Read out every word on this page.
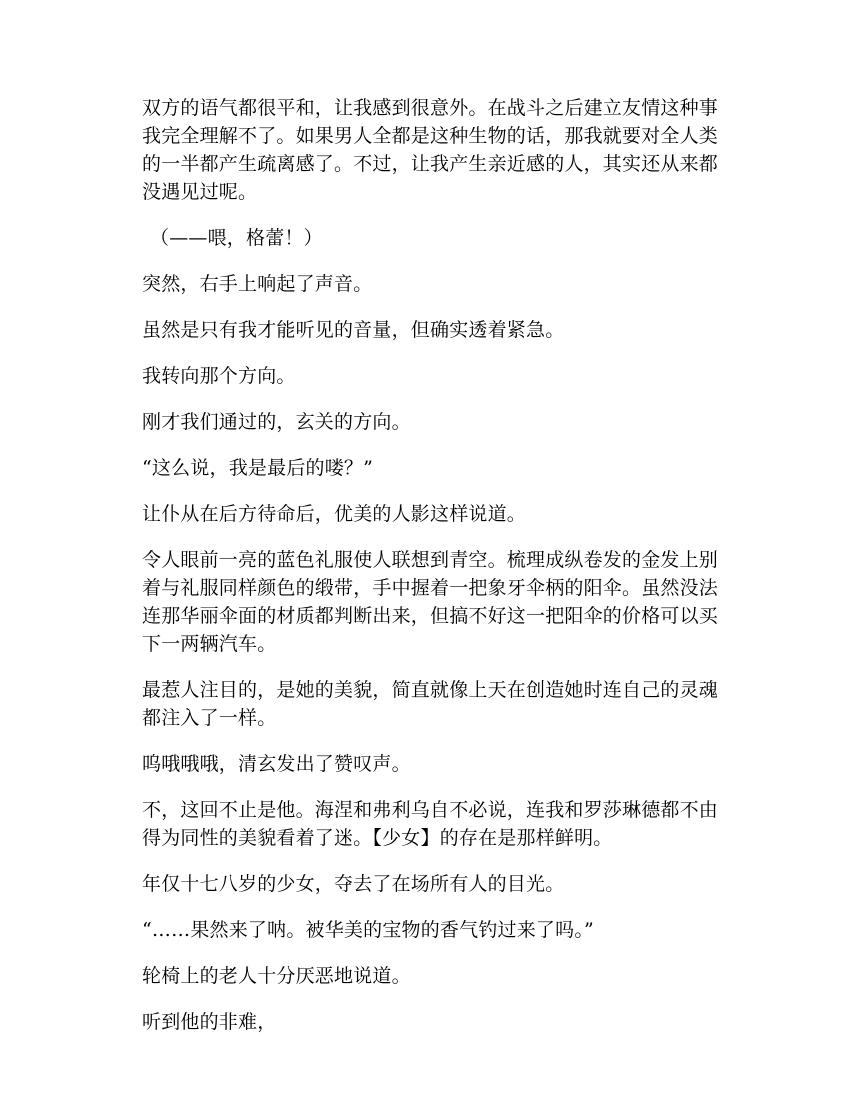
双方的语气都很平和，让我感到很意外。在战斗之后建立友情这种事我完全理解不了。如果男人全都是这种生物的话，那我就要对全人类的一半都产生疏离感了。不过，让我产生亲近感的人，其实还从来都没遇见过呢。

（——喂，格蕾！）

突然，右手上响起了声音。

虽然是只有我才能听见的音量，但确实透着紧急。

我转向那个方向。

刚才我们通过的，玄关的方向。

“这么说，我是最后的喽？”

让仆从在后方待命后，优美的人影这样说道。

令人眼前一亮的蓝色礼服使人联想到青空。梳理成纵卷发的金发上别着与礼服同样颜色的缎带，手中握着一把象牙伞柄的阳伞。虽然没法连那华丽伞面的材质都判断出来，但搞不好这一把阳伞的价格可以买下一两辆汽车。

最惹人注目的，是她的美貌，简直就像上天在创造她时连自己的灵魂都注入了一样。

呜哦哦哦，清玄发出了赞叹声。

不，这回不止是他。海涅和弗利乌自不必说，连我和罗莎琳德都不由得为同性的美貌看着了迷。【少女】的存在是那样鲜明。

年仅十七八岁的少女，夺去了在场所有人的目光。

“……果然来了呐。被华美的宝物的香气钓过来了吗。”

轮椅上的老人十分厌恶地说道。

听到他的非难，
